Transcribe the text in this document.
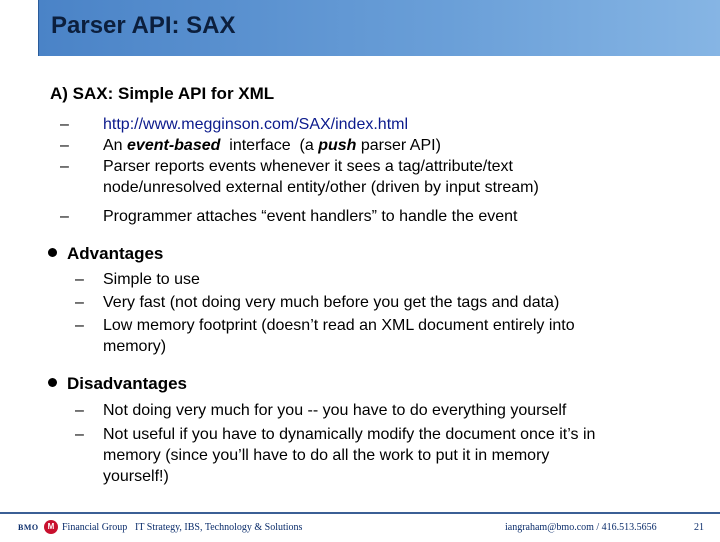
Parser API: SAX
A) SAX: Simple API for XML
– http://www.megginson.com/SAX/index.html
– An event-based  interface  (a push parser API)
– Parser reports events whenever it sees a tag/attribute/text
node/unresolved external entity/other (driven by input stream)
– Programmer attaches “event handlers” to handle the event
Advantages
– Simple to use
– Very fast (not doing very much before you get the tags and data)
– Low memory footprint (doesn’t read an XML document entirely into
memory)
Disadvantages
– Not doing very much for you -- you have to do everything yourself
– Not useful if you have to dynamically modify the document once it’s in
memory (since you’ll have to do all the work to put it in memory
yourself!)
BMO	M Financial Group IT Strategy, IBS, Technology & Solutions	iangraham@bmo.com / 416.513.5656	21
